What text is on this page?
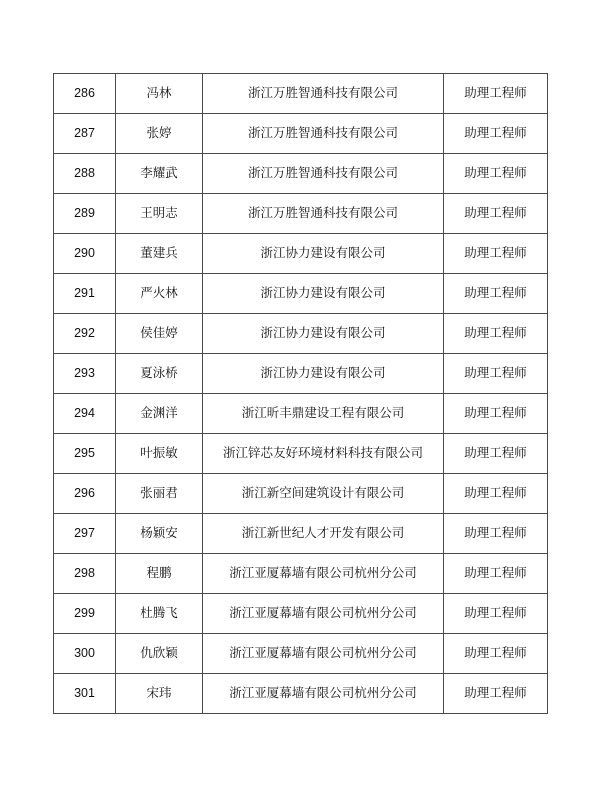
286	冯林	浙江万胜智通科技有限公司	助理工程师
287	张婷	浙江万胜智通科技有限公司	助理工程师
288	李耀武	浙江万胜智通科技有限公司	助理工程师
289	王明志	浙江万胜智通科技有限公司	助理工程师
290	董建兵	浙江协力建设有限公司	助理工程师
291	严火林	浙江协力建设有限公司	助理工程师
292	侯佳婷	浙江协力建设有限公司	助理工程师
293	夏泳桥	浙江协力建设有限公司	助理工程师
294	金渊洋	浙江昕丰鼎建设工程有限公司	助理工程师
295	叶振敏	浙江锌芯友好环境材料科技有限公司	助理工程师
296	张丽君	浙江新空间建筑设计有限公司	助理工程师
297	杨颖安	浙江新世纪人才开发有限公司	助理工程师
298	程鹏	浙江亚厦幕墙有限公司杭州分公司	助理工程师
299	杜腾飞	浙江亚厦幕墙有限公司杭州分公司	助理工程师
300	仇欣颖	浙江亚厦幕墙有限公司杭州分公司	助理工程师
301	宋玮	浙江亚厦幕墙有限公司杭州分公司	助理工程师
